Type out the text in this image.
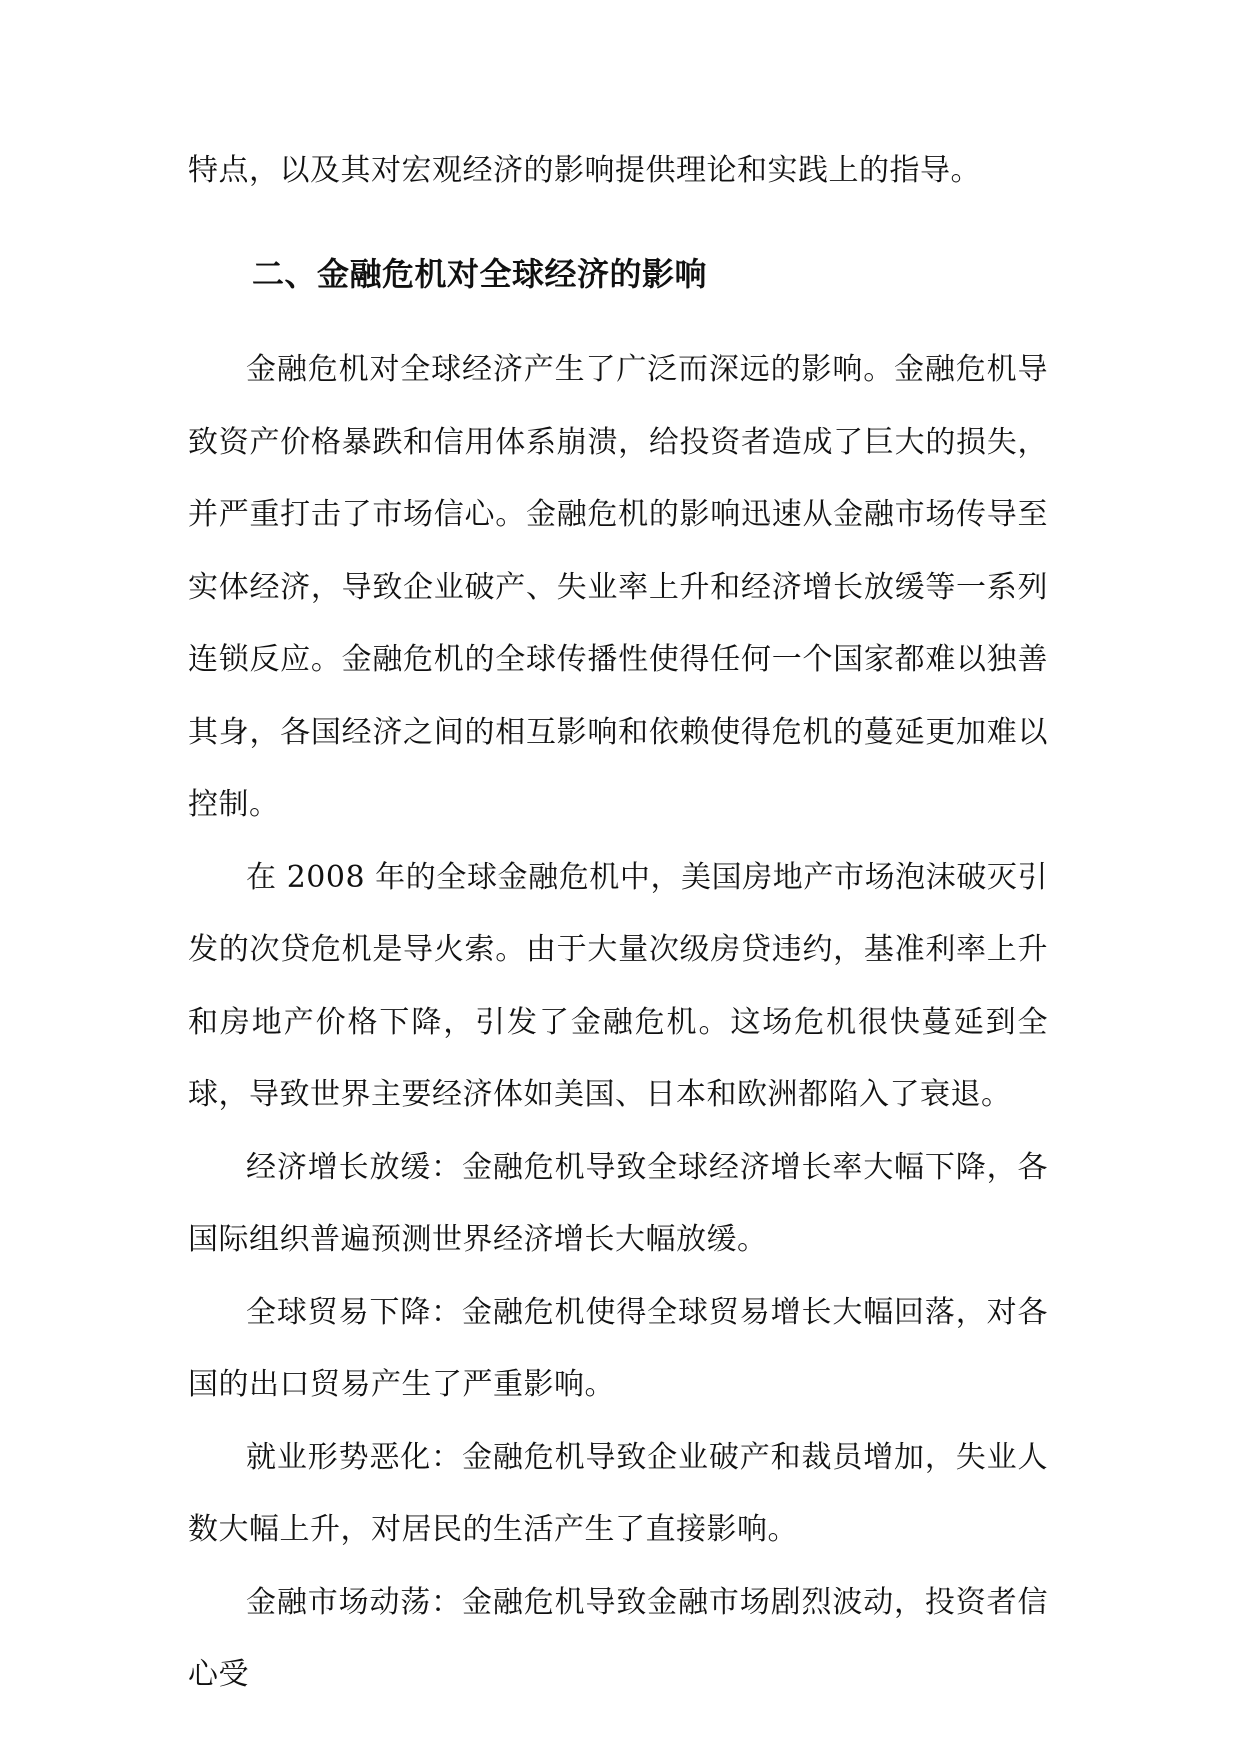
特点，以及其对宏观经济的影响提供理论和实践上的指导。

二、金融危机对全球经济的影响

金融危机对全球经济产生了广泛而深远的影响。金融危机导致资产价格暴跌和信用体系崩溃，给投资者造成了巨大的损失，并严重打击了市场信心。金融危机的影响迅速从金融市场传导至实体经济，导致企业破产、失业率上升和经济增长放缓等一系列连锁反应。金融危机的全球传播性使得任何一个国家都难以独善其身，各国经济之间的相互影响和依赖使得危机的蔓延更加难以控制。

在 2008 年的全球金融危机中，美国房地产市场泡沫破灭引发的次贷危机是导火索。由于大量次级房贷违约，基准利率上升和房地产价格下降，引发了金融危机。这场危机很快蔓延到全球，导致世界主要经济体如美国、日本和欧洲都陷入了衰退。

经济增长放缓：金融危机导致全球经济增长率大幅下降，各国际组织普遍预测世界经济增长大幅放缓。

全球贸易下降：金融危机使得全球贸易增长大幅回落，对各国的出口贸易产生了严重影响。

就业形势恶化：金融危机导致企业破产和裁员增加，失业人数大幅上升，对居民的生活产生了直接影响。

金融市场动荡：金融危机导致金融市场剧烈波动，投资者信心受
